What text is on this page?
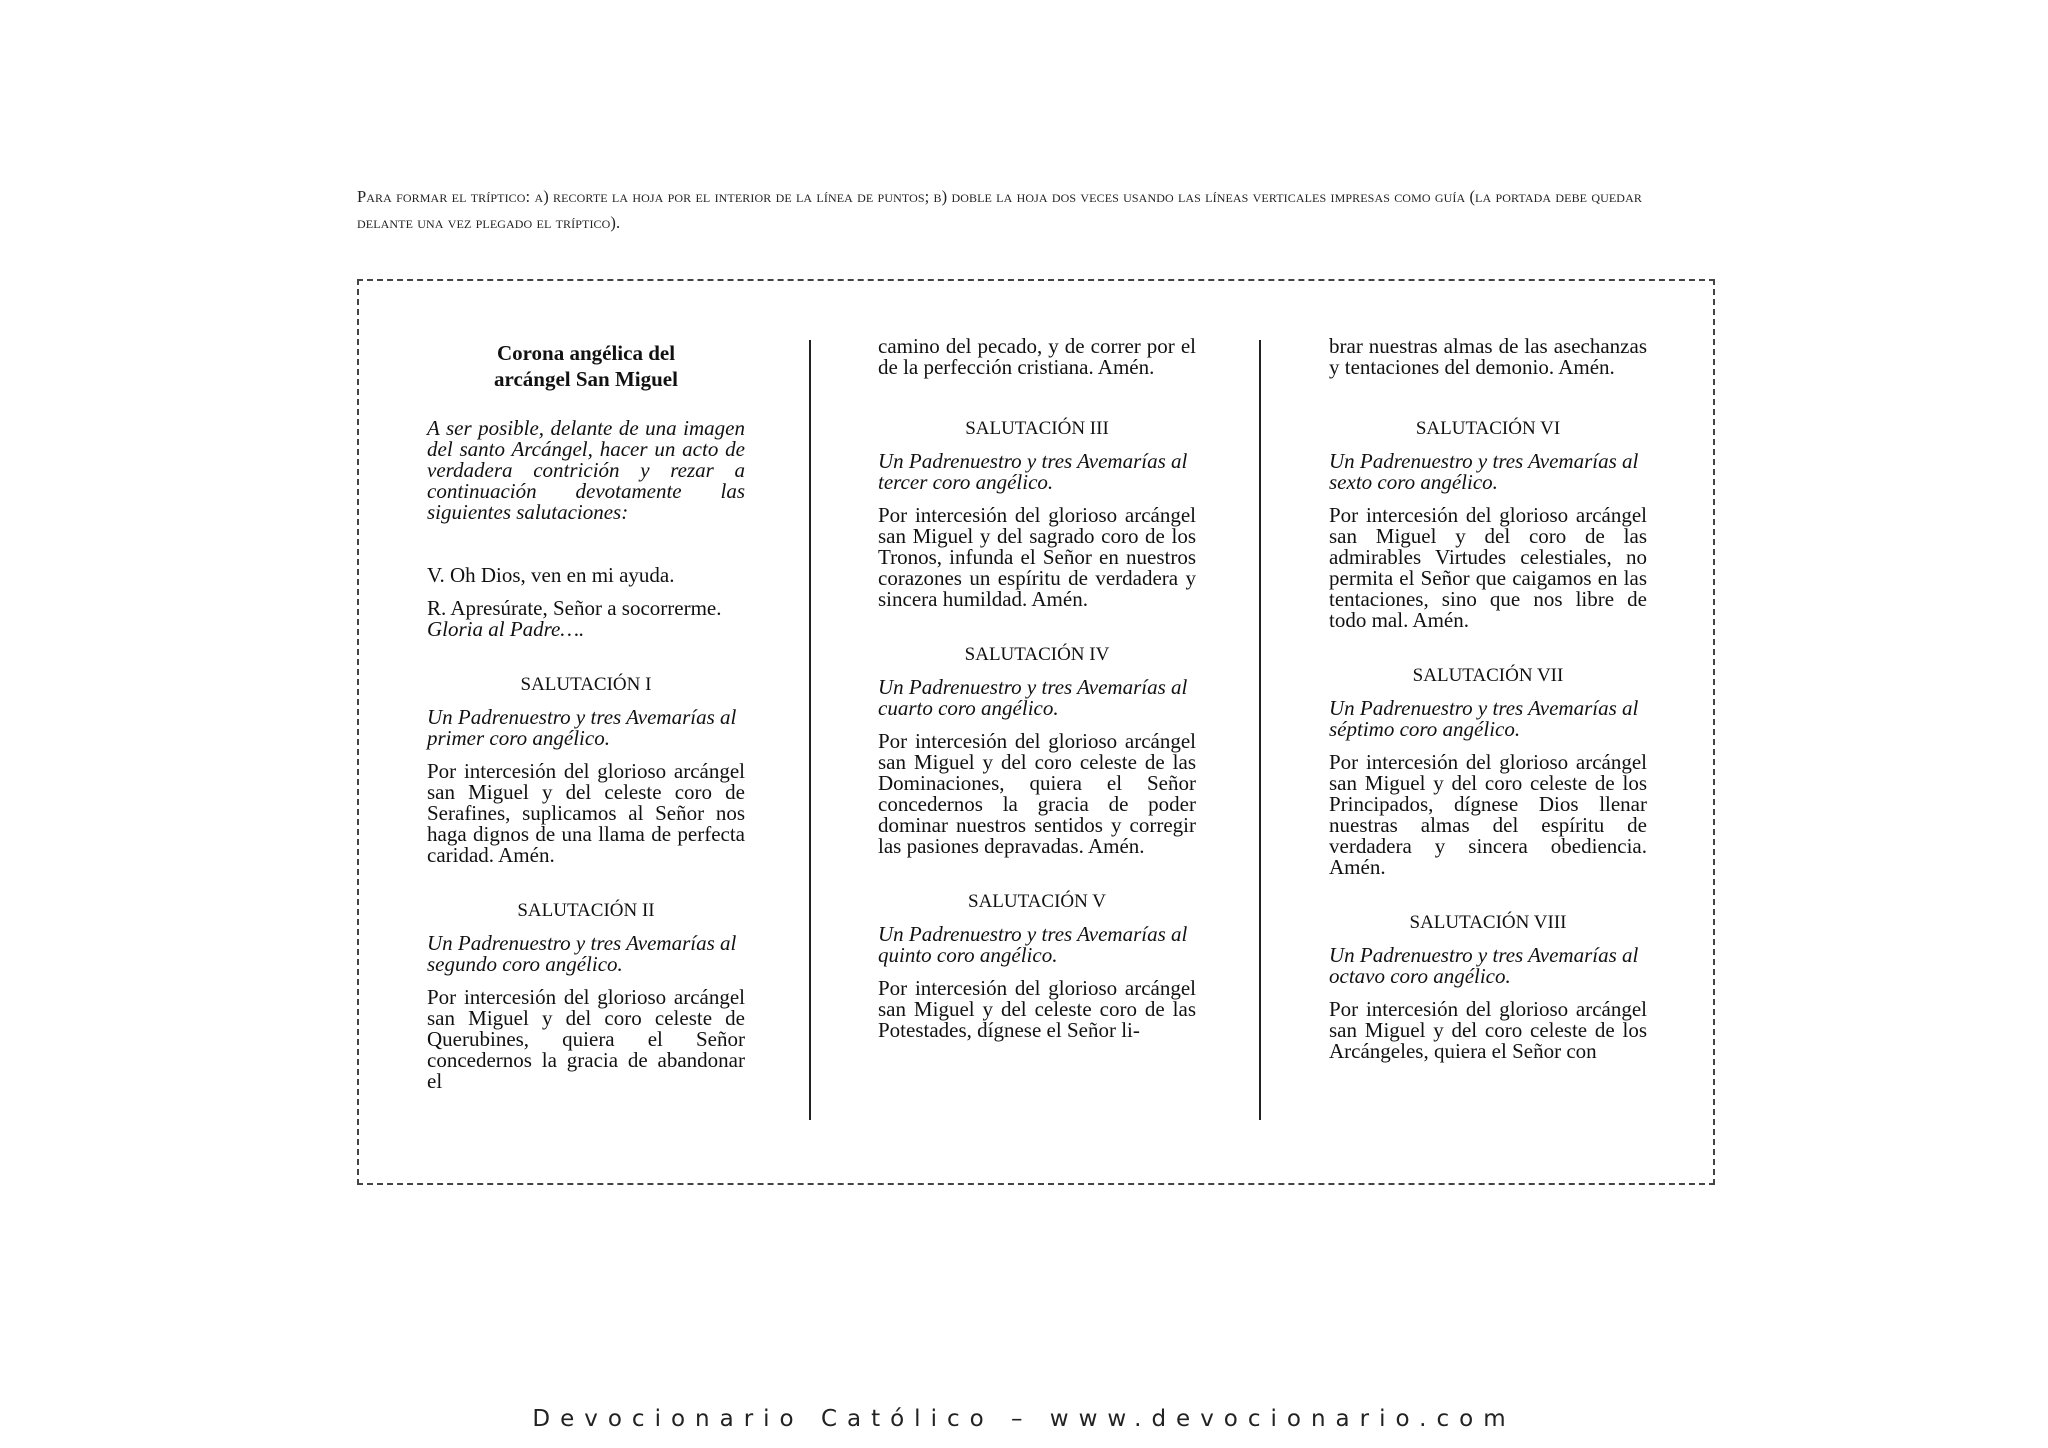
Para formar el tríptico: a) recorte la hoja por el interior de la línea de puntos; b) doble la hoja dos veces usando las líneas verticales impresas como guía (la portada debe quedar delante una vez plegado el tríptico).
Corona angélica del
arcángel San Miguel

A ser posible, delante de una imagen del santo Arcángel, hacer un acto de verdadera contrición y rezar a continuación devotamente las siguientes salutaciones:

V. Oh Dios, ven en mi ayuda.

R. Apresúrate, Señor a socorrerme.

Gloria al Padre….

SALUTACIÓN I

Un Padrenuestro y tres Avemarías al primer coro angélico.

Por intercesión del glorioso arcángel san Miguel y del celeste coro de Serafines, suplicamos al Señor nos haga dignos de una llama de perfecta caridad. Amén.

SALUTACIÓN II

Un Padrenuestro y tres Avemarías al segundo coro angélico.

Por intercesión del glorioso arcángel san Miguel y del coro celeste de Querubines, quiera el Señor concedernos la gracia de abandonar el

camino del pecado, y de correr por el de la perfección cristiana. Amén.

SALUTACIÓN III

Un Padrenuestro y tres Avemarías al tercer coro angélico.

Por intercesión del glorioso arcángel san Miguel y del sagrado coro de los Tronos, infunda el Señor en nuestros corazones un espíritu de verdadera y sincera humildad. Amén.

SALUTACIÓN IV

Un Padrenuestro y tres Avemarías al cuarto coro angélico.

Por intercesión del glorioso arcángel san Miguel y del coro celeste de las Dominaciones, quiera el Señor concedernos la gracia de poder dominar nuestros sentidos y corregir las pasiones depravadas. Amén.

SALUTACIÓN V

Un Padrenuestro y tres Avemarías al quinto coro angélico.

Por intercesión del glorioso arcángel san Miguel y del celeste coro de las Potestades, dígnese el Señor li-

brar nuestras almas de las asechanzas y tentaciones del demonio. Amén.

SALUTACIÓN VI

Un Padrenuestro y tres Avemarías al sexto coro angélico.

Por intercesión del glorioso arcángel san Miguel y del coro de las admirables Virtudes celestiales, no permita el Señor que caigamos en las tentaciones, sino que nos libre de todo mal. Amén.

SALUTACIÓN VII

Un Padrenuestro y tres Avemarías al séptimo coro angélico.

Por intercesión del glorioso arcángel san Miguel y del coro celeste de los Principados, dígnese Dios llenar nuestras almas del espíritu de verdadera y sincera obediencia. Amén.

SALUTACIÓN VIII

Un Padrenuestro y tres Avemarías al octavo coro angélico.

Por intercesión del glorioso arcángel san Miguel y del coro celeste de los Arcángeles, quiera el Señor con

Devocionario Católico – www.devocionario.com
